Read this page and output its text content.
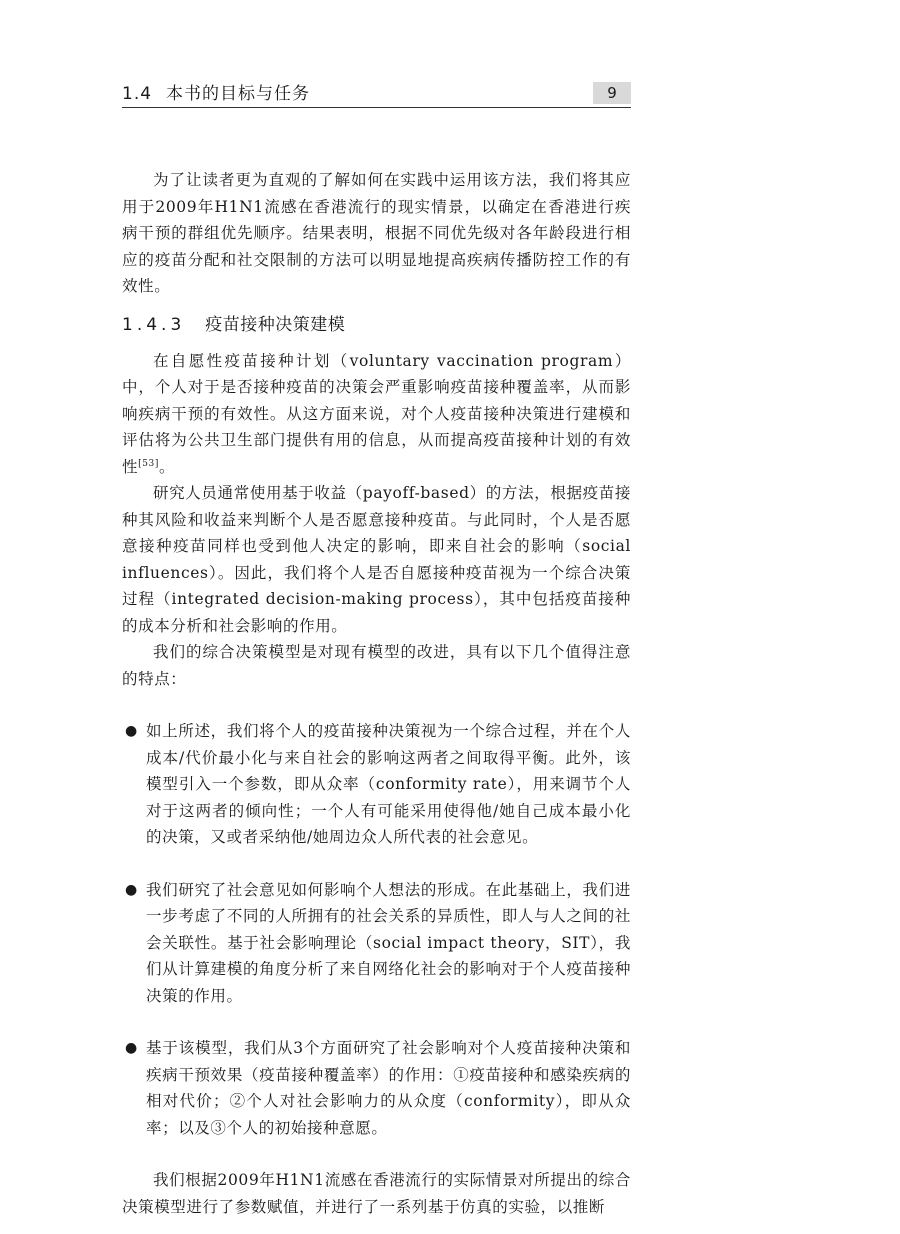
1.4 本书的目标与任务	9

为了让读者更为直观的了解如何在实践中运用该方法，我们将其应用于2009年H1N1流感在香港流行的现实情景，以确定在香港进行疾病干预的群组优先顺序。结果表明，根据不同优先级对各年龄段进行相应的疫苗分配和社交限制的方法可以明显地提高疾病传播防控工作的有效性。

1.4.3 疫苗接种决策建模

在自愿性疫苗接种计划（voluntary vaccination program）中，个人对于是否接种疫苗的决策会严重影响疫苗接种覆盖率，从而影响疾病干预的有效性。从这方面来说，对个人疫苗接种决策进行建模和评估将为公共卫生部门提供有用的信息，从而提高疫苗接种计划的有效性[53]。

研究人员通常使用基于收益（payoff-based）的方法，根据疫苗接种其风险和收益来判断个人是否愿意接种疫苗。与此同时，个人是否愿意接种疫苗同样也受到他人决定的影响，即来自社会的影响（social influences）。因此，我们将个人是否自愿接种疫苗视为一个综合决策过程（integrated decision-making process），其中包括疫苗接种的成本分析和社会影响的作用。

我们的综合决策模型是对现有模型的改进，具有以下几个值得注意的特点：

● 如上所述，我们将个人的疫苗接种决策视为一个综合过程，并在个人成本/代价最小化与来自社会的影响这两者之间取得平衡。此外，该模型引入一个参数，即从众率（conformity rate），用来调节个人对于这两者的倾向性；一个人有可能采用使得他/她自己成本最小化的决策，又或者采纳他/她周边众人所代表的社会意见。
● 我们研究了社会意见如何影响个人想法的形成。在此基础上，我们进一步考虑了不同的人所拥有的社会关系的异质性，即人与人之间的社会关联性。基于社会影响理论（social impact theory，SIT），我们从计算建模的角度分析了来自网络化社会的影响对于个人疫苗接种决策的作用。
● 基于该模型，我们从3个方面研究了社会影响对个人疫苗接种决策和疾病干预效果（疫苗接种覆盖率）的作用：①疫苗接种和感染疾病的相对代价；②个人对社会影响力的从众度（conformity），即从众率；以及③个人的初始接种意愿。

我们根据2009年H1N1流感在香港流行的实际情景对所提出的综合决策模型进行了参数赋值，并进行了一系列基于仿真的实验，以推断
